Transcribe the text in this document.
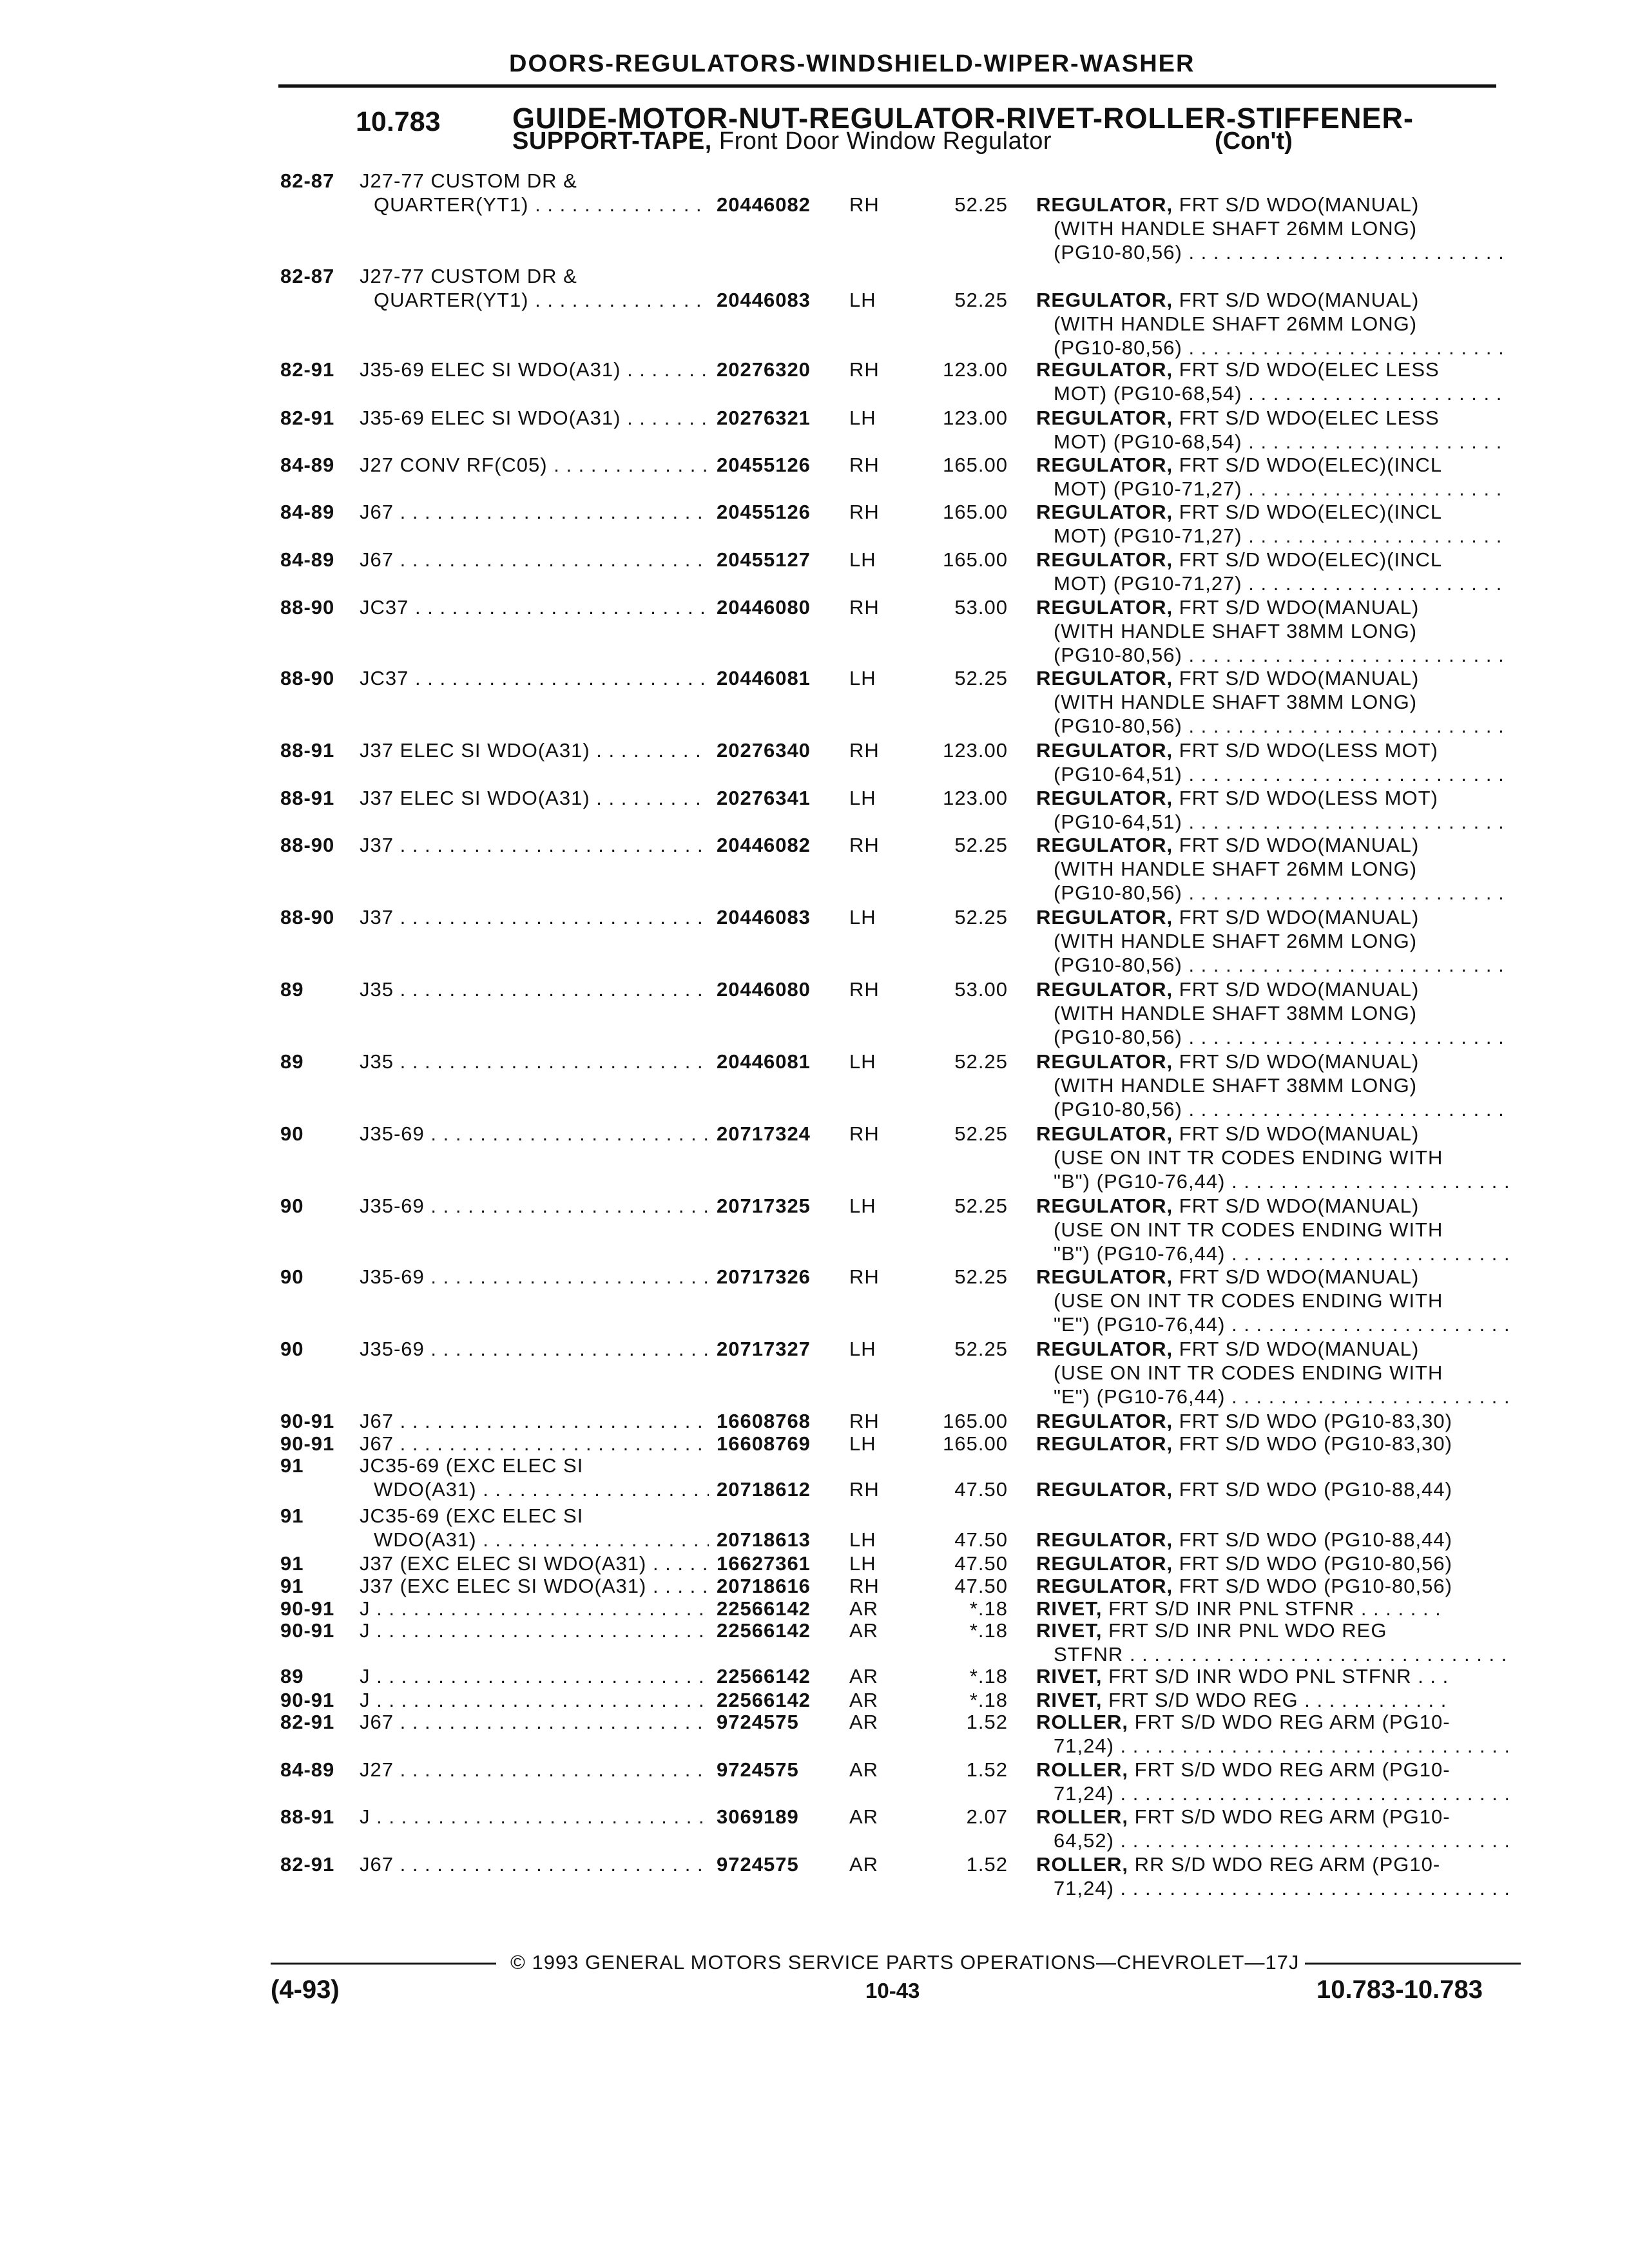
DOORS-REGULATORS-WINDSHIELD-WIPER-WASHER
10.783 GUIDE-MOTOR-NUT-REGULATOR-RIVET-ROLLER-STIFFENER-
SUPPORT-TAPE, Front Door Window Regulator	(Con't)
82-87 J27-77 CUSTOM DR &
QUARTER(YT1) . . .	20446082 RH	52.25 REGULATOR, FRT S/D WDO(MANUAL)
(WITH HANDLE SHAFT 26MM LONG)
(PG10-80,56) . . .
82-87 J27-77 CUSTOM DR &
QUARTER(YT1) . . .	20446083 LH	52.25 REGULATOR, FRT S/D WDO(MANUAL)
(WITH HANDLE SHAFT 26MM LONG)
(PG10-80,56) . . .
82-91 J35-69 ELEC SI WDO(A31) . . .	20276320 RH	123.00 REGULATOR, FRT S/D WDO(ELEC LESS
MOT) (PG10-68,54) . . .
82-91 J35-69 ELEC SI WDO(A31) . . .	20276321 LH	123.00 REGULATOR, FRT S/D WDO(ELEC LESS
MOT) (PG10-68,54) . . .
84-89 J27 CONV RF(C05) . . .	20455126 RH	165.00 REGULATOR, FRT S/D WDO(ELEC)(INCL
MOT) (PG10-71,27) . . .
84-89 J67 . . .	20455126 RH	165.00 REGULATOR, FRT S/D WDO(ELEC)(INCL
MOT) (PG10-71,27) . . .
84-89 J67 . . .	20455127 LH	165.00 REGULATOR, FRT S/D WDO(ELEC)(INCL
MOT) (PG10-71,27) . . .
88-90 JC37 . . .	20446080 RH	53.00 REGULATOR, FRT S/D WDO(MANUAL)
(WITH HANDLE SHAFT 38MM LONG)
(PG10-80,56) . . .
88-90 JC37 . . .	20446081 LH	52.25 REGULATOR, FRT S/D WDO(MANUAL)
(WITH HANDLE SHAFT 38MM LONG)
(PG10-80,56) . . .
88-91 J37 ELEC SI WDO(A31) . . .	20276340 RH	123.00 REGULATOR, FRT S/D WDO(LESS MOT)
(PG10-64,51) . . .
88-91 J37 ELEC SI WDO(A31) . . .	20276341 LH	123.00 REGULATOR, FRT S/D WDO(LESS MOT)
(PG10-64,51) . . .
88-90 J37 . . .	20446082 RH	52.25 REGULATOR, FRT S/D WDO(MANUAL)
(WITH HANDLE SHAFT 26MM LONG)
(PG10-80,56) . . .
88-90 J37 . . .	20446083 LH	52.25 REGULATOR, FRT S/D WDO(MANUAL)
(WITH HANDLE SHAFT 26MM LONG)
(PG10-80,56) . . .
89	J35 . . .	20446080 RH	53.00 REGULATOR, FRT S/D WDO(MANUAL)
(WITH HANDLE SHAFT 38MM LONG)
(PG10-80,56) . . .
89	J35 . . .	20446081 LH	52.25 REGULATOR, FRT S/D WDO(MANUAL)
(WITH HANDLE SHAFT 38MM LONG)
(PG10-80,56) . . .
90	J35-69 . . .	20717324 RH	52.25 REGULATOR, FRT S/D WDO(MANUAL)
(USE ON INT TR CODES ENDING WITH
"B") (PG10-76,44) . . .
90	J35-69 . . .	20717325 LH	52.25 REGULATOR, FRT S/D WDO(MANUAL)
(USE ON INT TR CODES ENDING WITH
"B") (PG10-76,44) . . .
90	J35-69 . . .	20717326 RH	52.25 REGULATOR, FRT S/D WDO(MANUAL)
(USE ON INT TR CODES ENDING WITH
"E") (PG10-76,44) . . .
90	J35-69 . . .	20717327 LH	52.25 REGULATOR, FRT S/D WDO(MANUAL)
(USE ON INT TR CODES ENDING WITH
"E") (PG10-76,44) . . .
90-91 J67 . . .	16608768 RH	165.00 REGULATOR, FRT S/D WDO (PG10-83,30)
90-91 J67 . . .	16608769 LH	165.00 REGULATOR, FRT S/D WDO (PG10-83,30)
91	JC35-69 (EXC ELEC SI
WDO(A31) . . .	20718612 RH	47.50 REGULATOR, FRT S/D WDO (PG10-88,44)
91	JC35-69 (EXC ELEC SI
WDO(A31) . . .	20718613 LH	47.50 REGULATOR, FRT S/D WDO (PG10-88,44)
91	J37 (EXC ELEC SI WDO(A31) . . .	16627361 LH	47.50 REGULATOR, FRT S/D WDO (PG10-80,56)
91	J37 (EXC ELEC SI WDO(A31) . . .	20718616 RH	47.50 REGULATOR, FRT S/D WDO (PG10-80,56)
90-91 J . . .	22566142 AR	*.18 RIVET, FRT S/D INR PNL STFNR . . . . . . .
90-91 J . . .	22566142 AR	*.18 RIVET, FRT S/D INR PNL WDO REG
STFNR . . .
89	J . . .	22566142 AR	*.18 RIVET, FRT S/D INR WDO PNL STFNR . . .
90-91 J . . .	22566142 AR	*.18 RIVET, FRT S/D WDO REG . . . . . . . . . . . .
82-91 J67 . . .	9724575	AR	1.52 ROLLER, FRT S/D WDO REG ARM (PG10-
71,24) . . .
84-89 J27 . . .	9724575	AR	1.52 ROLLER, FRT S/D WDO REG ARM (PG10-
71,24) . . .
88-91 J . . .	3069189	AR	2.07 ROLLER, FRT S/D WDO REG ARM (PG10-
64,52) . . .
82-91 J67 . . .	9724575	AR	1.52 ROLLER, RR S/D WDO REG ARM (PG10-
71,24) . . .
© 1993 GENERAL MOTORS SERVICE PARTS OPERATIONS—CHEVROLET—17J
(4-93)	10-43	10.783-10.783
